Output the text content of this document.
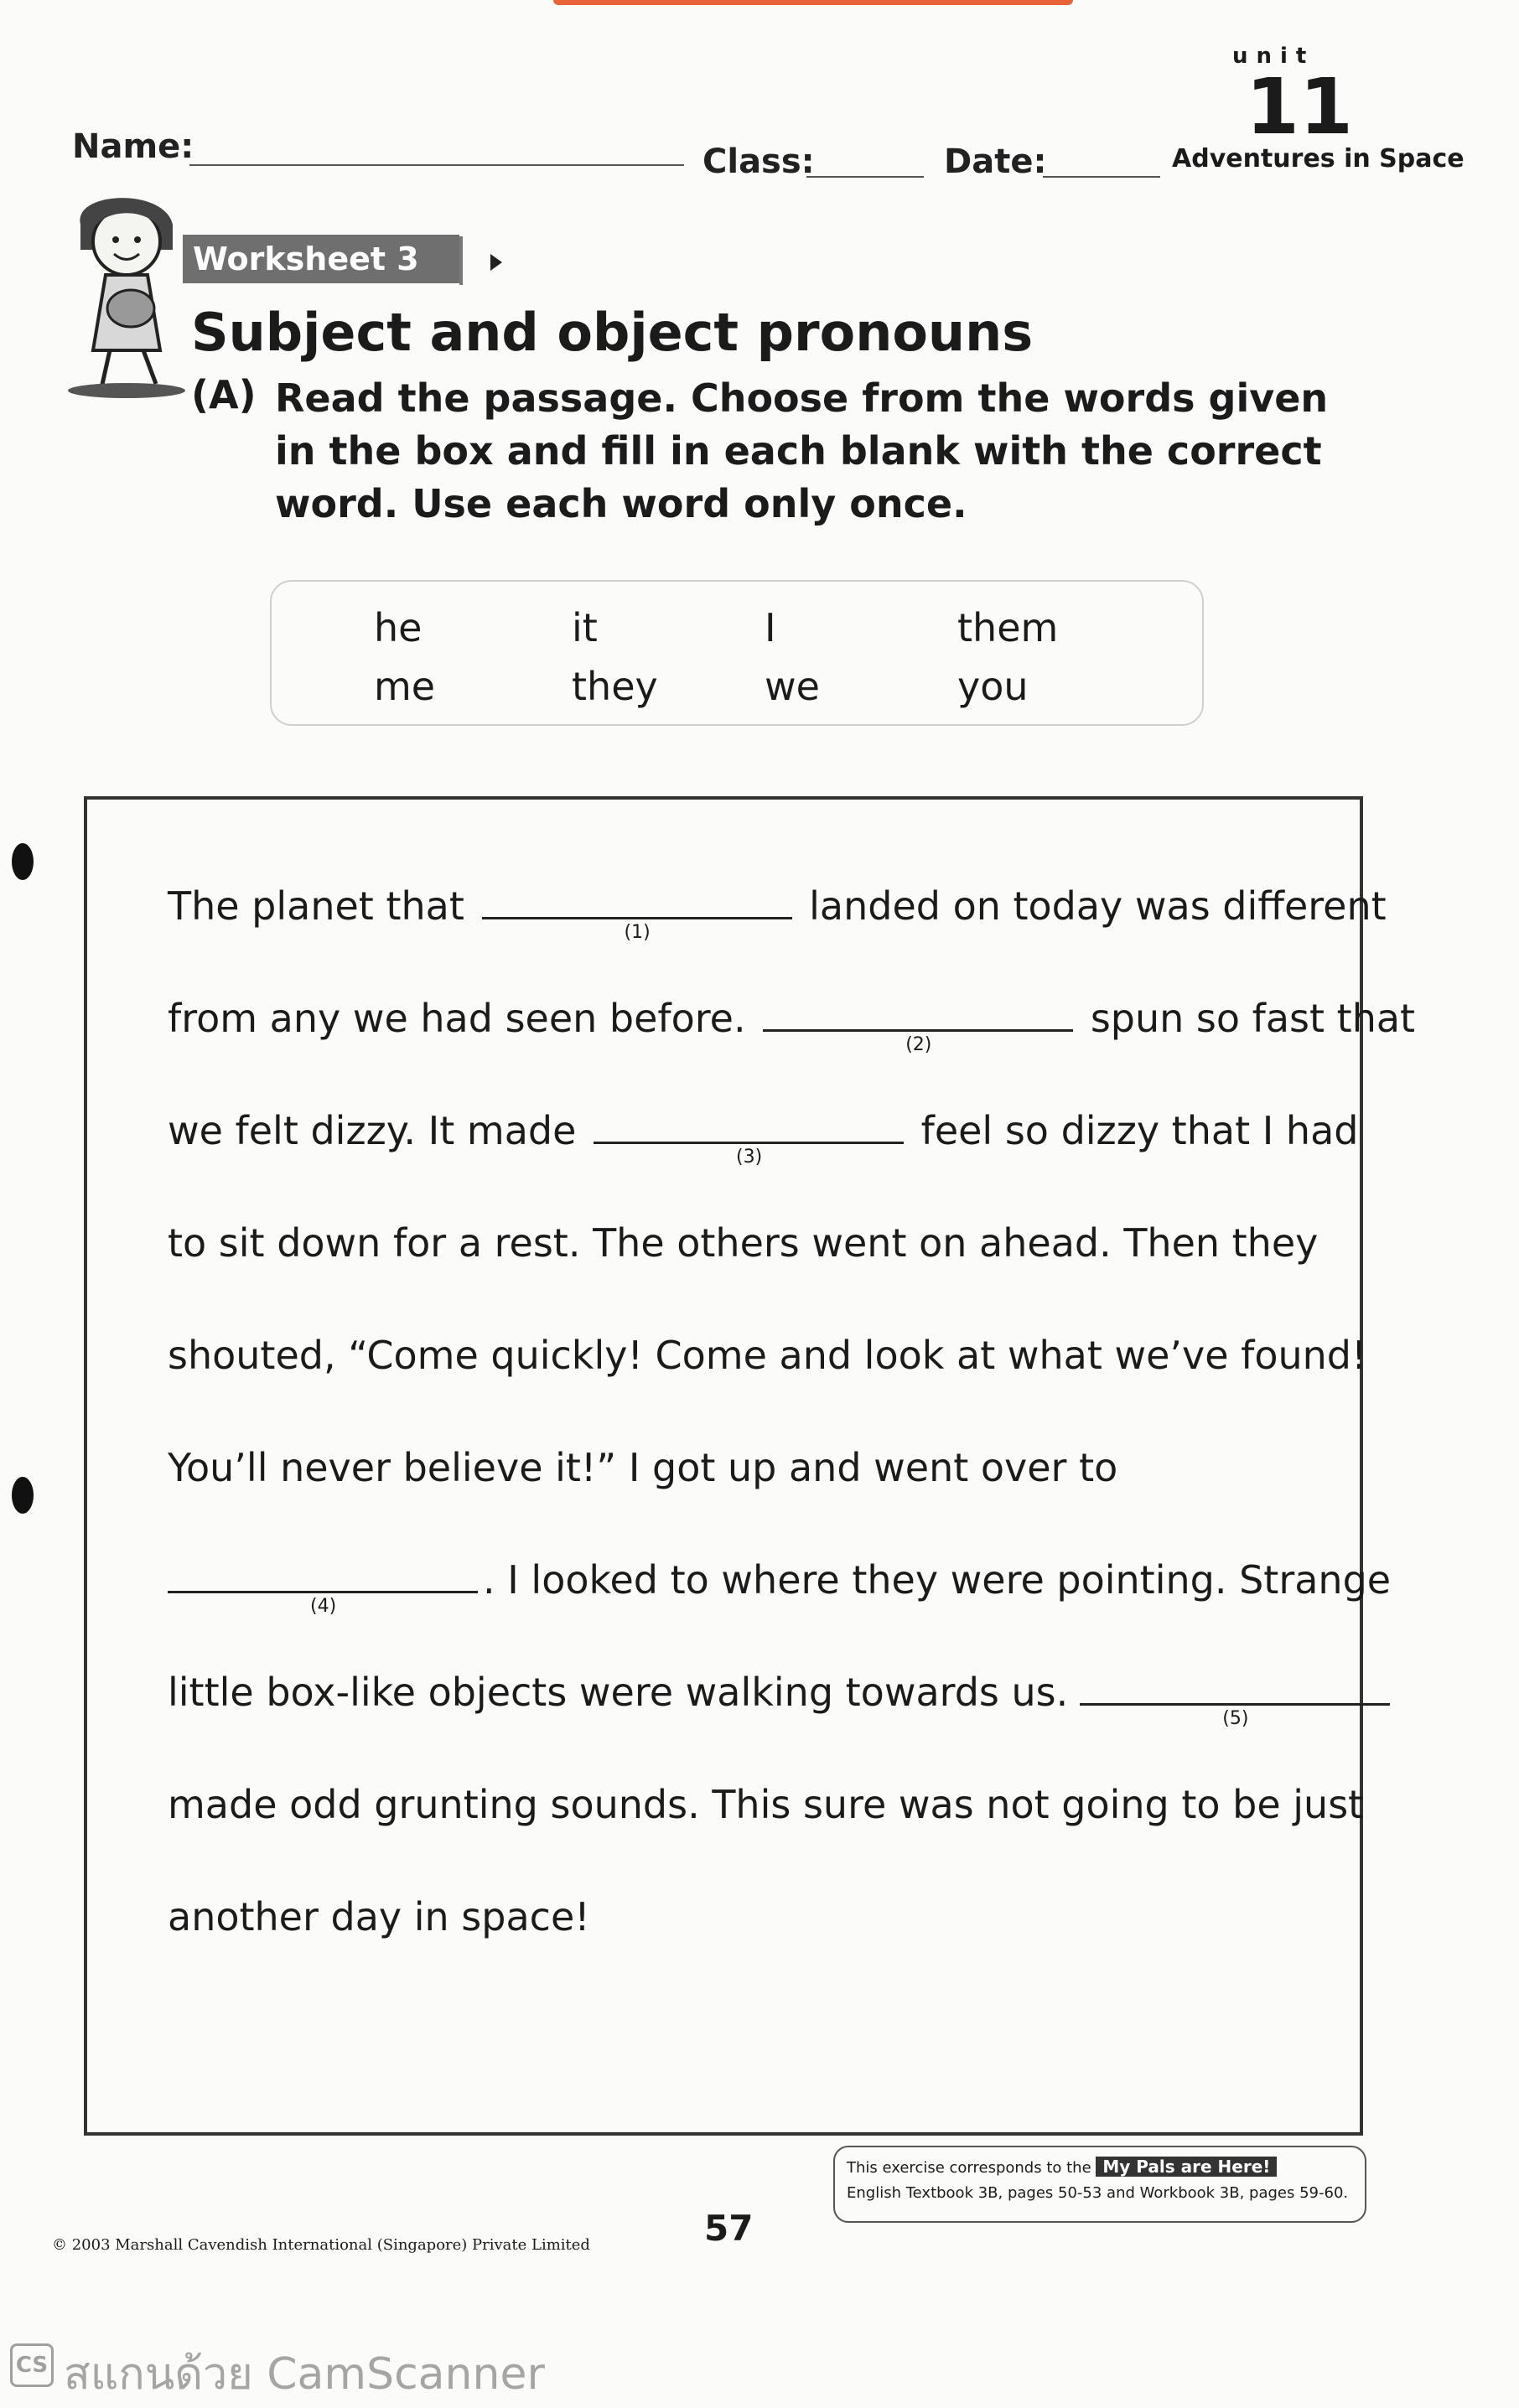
Name:	Class:	Date:
unit
11
Adventures in Space
Worksheet 3
Subject and object pronouns
(A) Read the passage. Choose from the words given in the box and fill in each blank with the correct word. Use each word only once.
he	it	I	them
me	they	we	you
The planet that
(1)
landed on today was different
from any we had seen before.
(2)
spun so fast that
we felt dizzy. It made
(3)
feel so dizzy that I had
to sit down for a rest. The others went on ahead. Then they
shouted, “Come quickly! Come and look at what we’ve found!
You’ll never believe it!” I got up and went over to
(4)
. I looked to where they were pointing. Strange
little box-like objects were walking towards us.
(5)
made odd grunting sounds. This sure was not going to be just
another day in space!
This exercise corresponds to the My Pals are Here!
English Textbook 3B, pages 50-53 and Workbook 3B, pages 59-60.
57
© 2003 Marshall Cavendish International (Singapore) Private Limited
CS สแกนด้วย CamScanner
